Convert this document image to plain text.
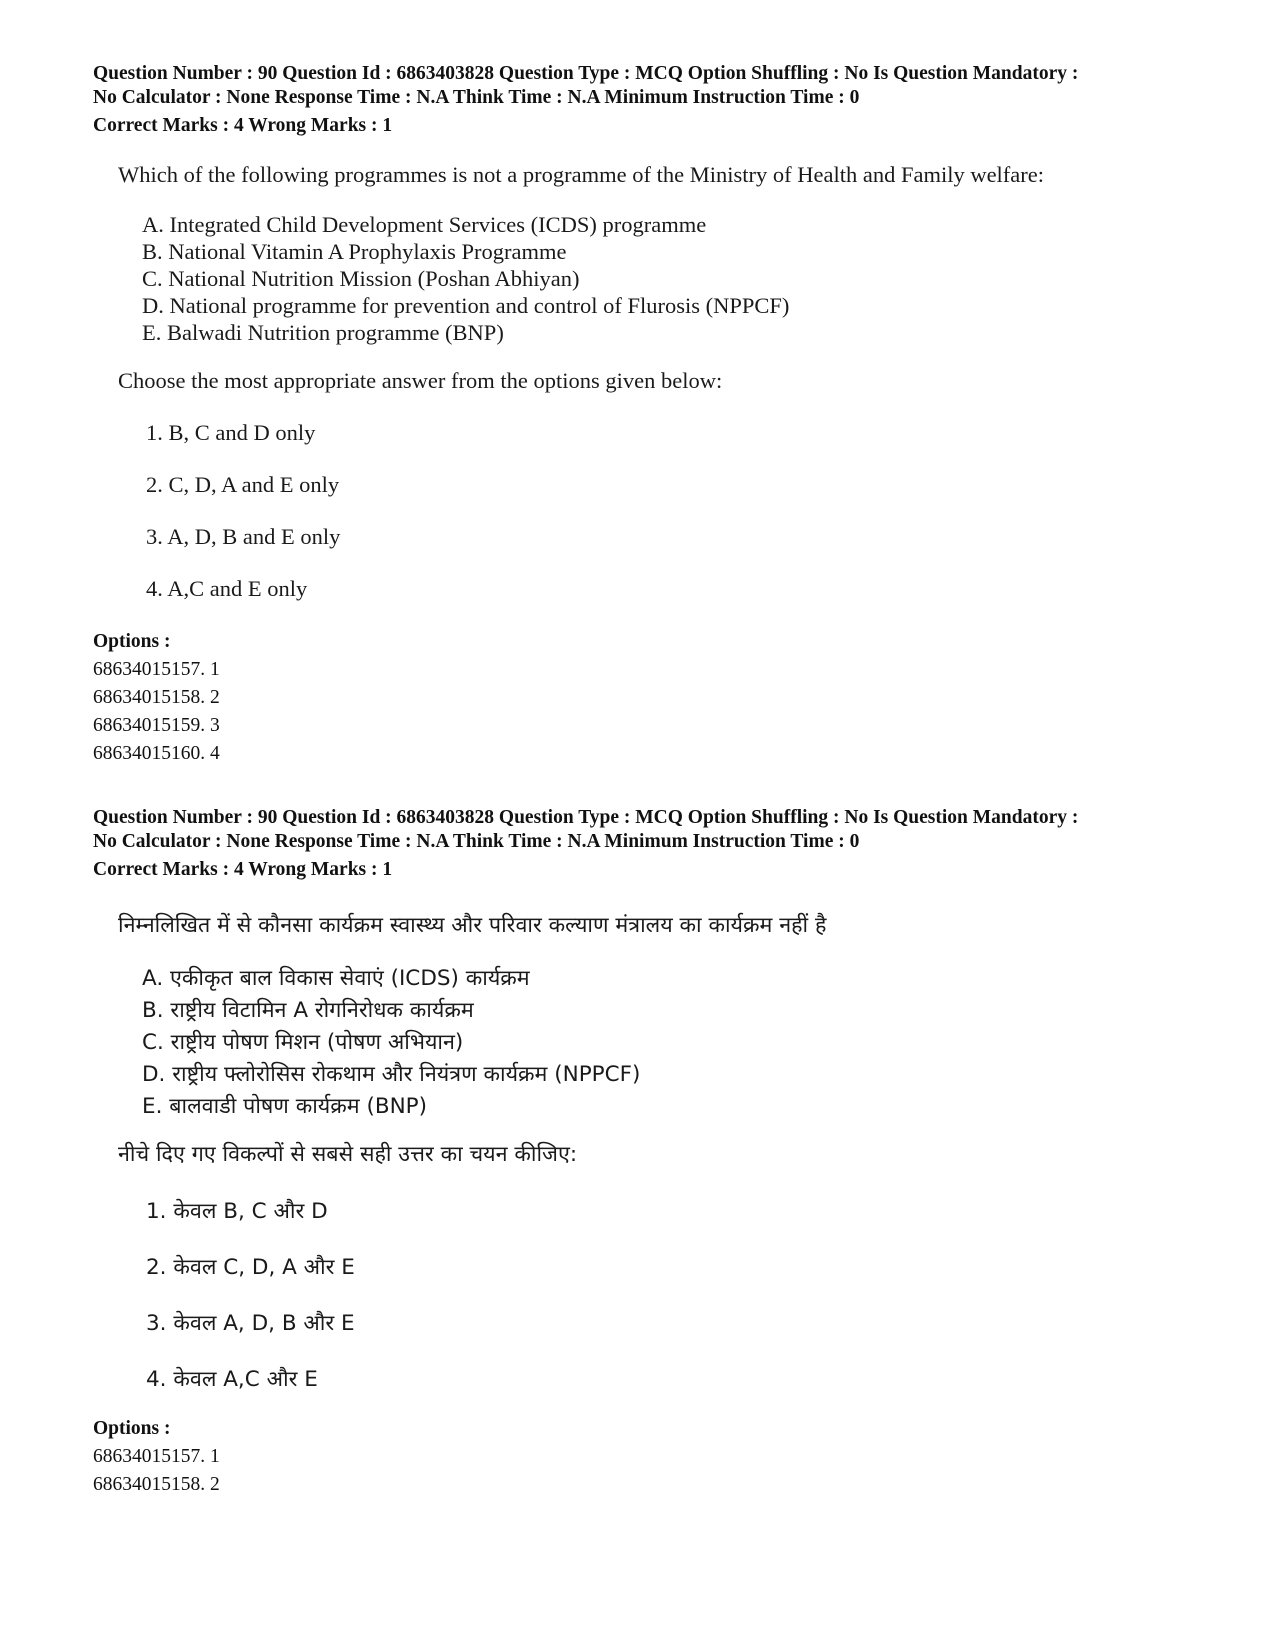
Question Number : 90 Question Id : 6863403828 Question Type : MCQ Option Shuffling : No Is Question Mandatory :
No Calculator : None Response Time : N.A Think Time : N.A Minimum Instruction Time : 0
Correct Marks : 4 Wrong Marks : 1
Which of the following programmes is not a programme of the Ministry of Health and Family welfare:
A. Integrated Child Development Services (ICDS) programme
B. National Vitamin A Prophylaxis Programme
C. National Nutrition Mission (Poshan Abhiyan)
D. National programme for prevention and control of Flurosis (NPPCF)
E. Balwadi Nutrition programme (BNP)
Choose the most appropriate answer from the options given below:
1. B, C and D only
2. C, D, A and E only
3. A, D, B and E only
4. A,C and E only
Options :
68634015157. 1
68634015158. 2
68634015159. 3
68634015160. 4
Question Number : 90 Question Id : 6863403828 Question Type : MCQ Option Shuffling : No Is Question Mandatory :
No Calculator : None Response Time : N.A Think Time : N.A Minimum Instruction Time : 0
Correct Marks : 4 Wrong Marks : 1
निम्नलिखित में से कौनसा कार्यक्रम स्वास्थ्य और परिवार कल्याण मंत्रालय का कार्यक्रम नहीं है
A. एकीकृत बाल विकास सेवाएं (ICDS) कार्यक्रम
B. राष्ट्रीय विटामिन A रोगनिरोधक कार्यक्रम
C. राष्ट्रीय पोषण मिशन (पोषण अभियान)
D. राष्ट्रीय फ्लोरोसिस रोकथाम और नियंत्रण कार्यक्रम (NPPCF)
E. बालवाडी पोषण कार्यक्रम (BNP)
नीचे दिए गए विकल्पों से सबसे सही उत्तर का चयन कीजिए:
1. केवल B, C और D
2. केवल C, D, A और E
3. केवल A, D, B और E
4. केवल A,C और E
Options :
68634015157. 1
68634015158. 2
